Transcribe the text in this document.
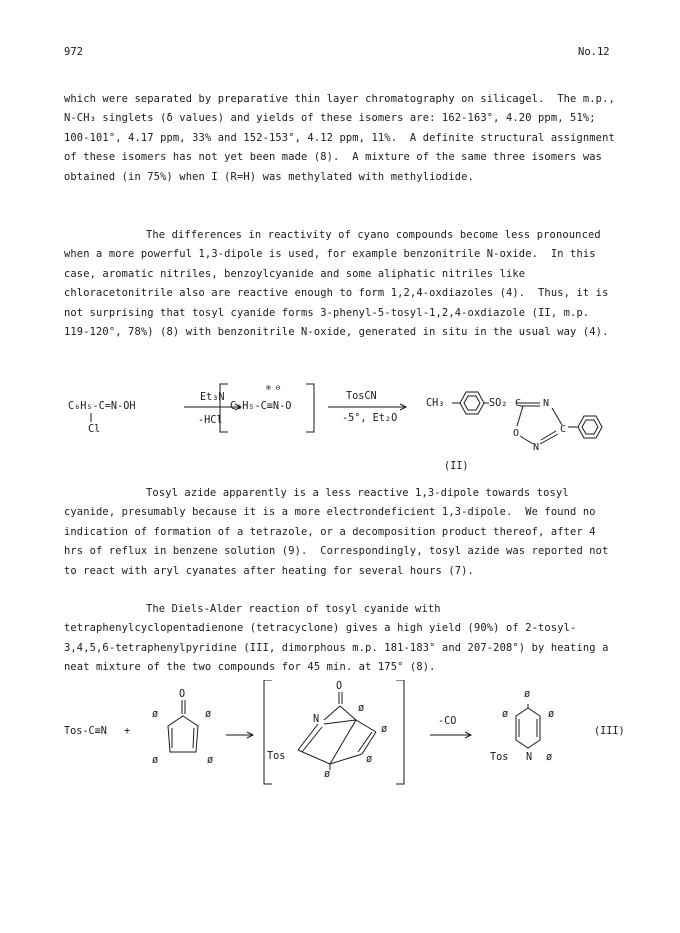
972	No.12

which were separated by preparative thin layer chromatography on silicagel.  The m.p., N-CH₃ singlets (δ values) and yields of these isomers are: 162-163°, 4.20 ppm, 51%; 100-101°, 4.17 ppm, 33% and 152-153°, 4.12 ppm, 11%.  A definite structural assignment of these isomers has not yet been made (8).  A mixture of the same three isomers was obtained (in 75%) when I (R=H) was methylated with methyliodide.

The differences in reactivity of cyano compounds become less pronounced when a more powerful 1,3-dipole is used, for example benzonitrile N-oxide.  In this case, aromatic nitriles, benzoylcyanide and some aliphatic nitriles like chloracetonitrile also are reactive enough to form 1,2,4-oxdiazoles (4).  Thus, it is not surprising that tosyl cyanide forms 3-phenyl-5-tosyl-1,2,4-oxdiazole (II, m.p. 119-120°, 78%) (8) with benzonitrile N-oxide, generated in situ in the usual way (4).

C₆H₅-C=N-OH
Cl
Et₃N
-HCl
⊕ ⊖
C₆H₅-C≡N-O
TosCN
-5°, Et₂O
CH₃	SO₂
(II)
C N
O	C
N

Tosyl azide apparently is a less reactive 1,3-dipole towards tosyl cyanide, presumably because it is a more electrondeficient 1,3-dipole.  We found no indication of formation of a tetrazole, or a decomposition product thereof, after 4 hrs of reflux in benzene solution (9).  Correspondingly, tosyl azide was reported not to react with aryl cyanates after heating for several hours (7).

The Diels-Alder reaction of tosyl cyanide with tetraphenylcyclopentadienone (tetracyclone) gives a high yield (90%) of 2-tosyl-3,4,5,6-tetraphenylpyridine (III, dimorphous m.p. 181-183° and 207-208°) by heating a neat mixture of the two compounds for 45 min. at 175° (8).

Tos-C≡N +
O
ø	ø
ø	ø
O
N
ø
ø
Tos	ø
ø
-CO
ø
ø	ø
ø
N
Tos
(III)
